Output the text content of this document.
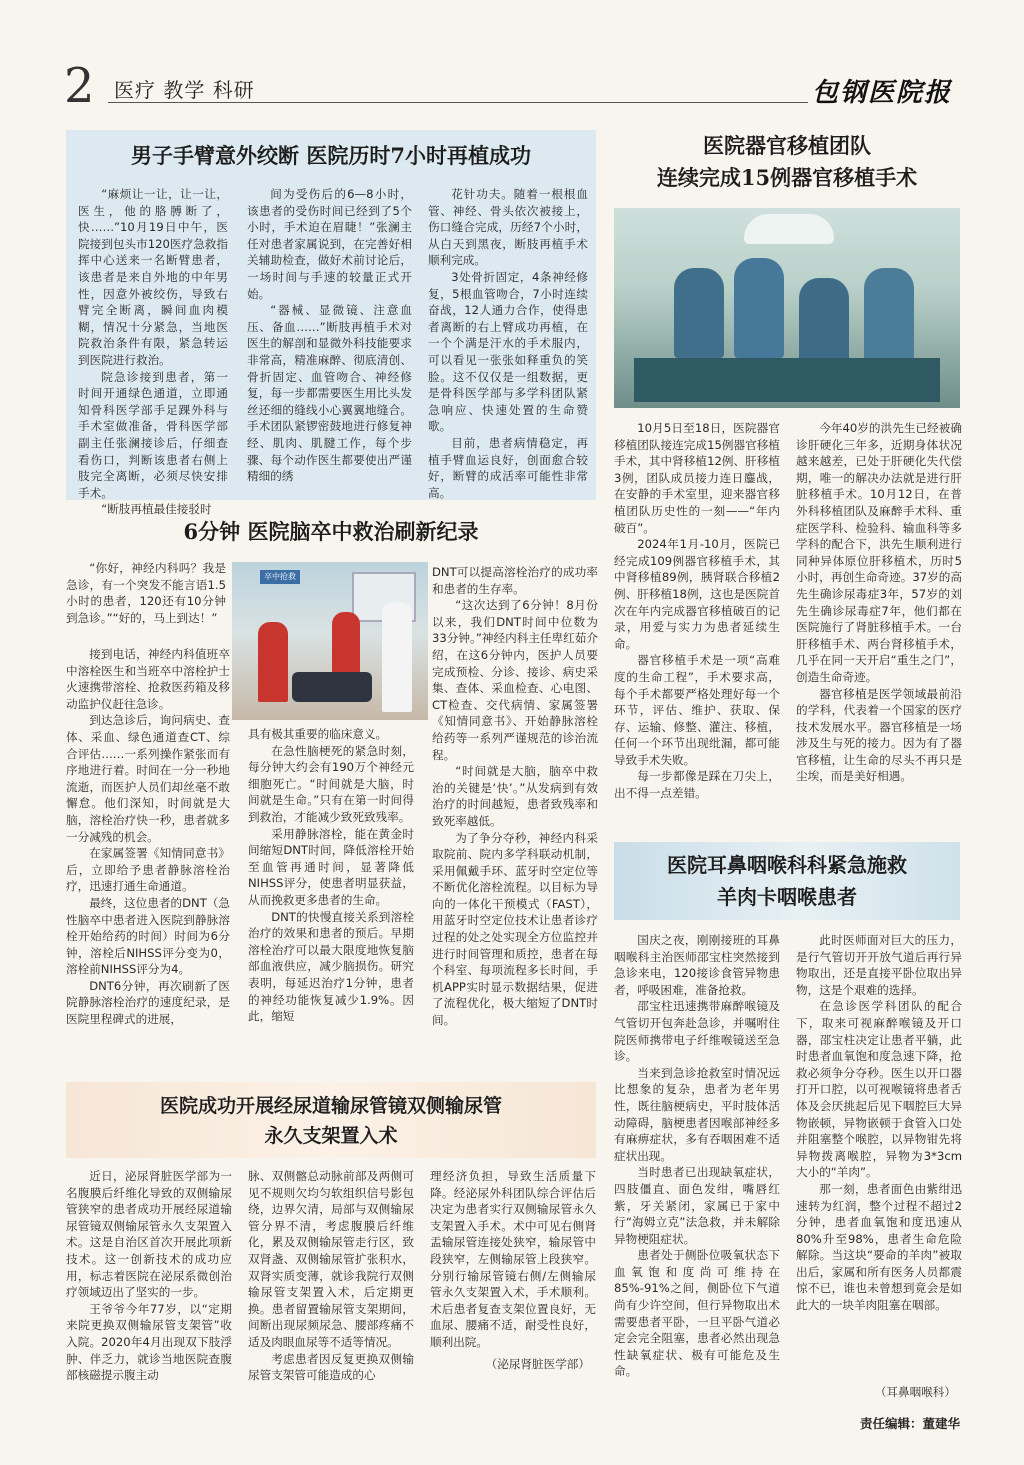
2 医疗 教学 科研	包钢医院报
男子手臂意外绞断 医院历时7小时再植成功

“麻烦让一让，让一让，医生，他的胳膊断了，快……”10月19日中午，医院接到包头市120医疗急救指挥中心送来一名断臂患者，该患者是来自外地的中年男性，因意外被绞伤，导致右臂完全断离，瞬间血肉模糊，情况十分紧急，当地医院救治条件有限，紧急转运到医院进行救治。

院急诊接到患者，第一时间开通绿色通道，立即通知骨科医学部手足踝外科与手术室做准备，骨科医学部副主任张澜接诊后，仔细查看伤口，判断该患者右侧上肢完全离断，必须尽快安排手术。

“断肢再植最佳接驳时

间为受伤后的6—8小时，该患者的受伤时间已经到了5个小时，手术迫在眉睫！”张澜主任对患者家属说到，在完善好相关辅助检查，做好术前讨论后，一场时间与手速的较量正式开始。

“器械、显微镜、注意血压、备血……”断肢再植手术对医生的解剖和显微外科技能要求非常高，精准麻醉、彻底清创、骨折固定、血管吻合、神经修复，每一步都需要医生用比头发丝还细的缝线小心翼翼地缝合。手术团队紧锣密鼓地进行修复神经、肌肉、肌腱工作，每个步骤、每个动作医生都要使出严谨精细的绣

花针功夫。随着一根根血管、神经、骨头依次被接上，伤口缝合完成，历经7个小时，从白天到黑夜，断肢再植手术顺利完成。

3处骨折固定，4条神经修复，5根血管吻合，7小时连续奋战，12人通力合作，使得患者离断的右上臂成功再植，在一个个满是汗水的手术服内，可以看见一张张如释重负的笑脸。这不仅仅是一组数据，更是骨科医学部与多学科团队紧急响应、快速处置的生命赞歌。

目前，患者病情稳定，再植手臂血运良好，创面愈合较好，断臂的成活率可能性非常高。

6分钟 医院脑卒中救治刷新纪录

“你好，神经内科吗？我是急诊，有一个突发不能言语1.5小时的患者，120还有10分钟到急诊。”“好的，马上到达！”

卒中抢救

接到电话，神经内科值班卒中溶栓医生和当班卒中溶栓护士火速携带溶栓、抢救医药箱及移动监护仪赶往急诊。

到达急诊后，询问病史、查体、采血、绿色通道查CT、综合评估……一系列操作紧张而有序地进行着。时间在一分一秒地流逝，而医护人员们却丝毫不敢懈怠。他们深知，时间就是大脑，溶栓治疗快一秒，患者就多一分减残的机会。

在家属签署《知情同意书》后，立即给予患者静脉溶栓治疗，迅速打通生命通道。

最终，这位患者的DNT（急性脑卒中患者进入医院到静脉溶栓开始给药的时间）时间为6分钟，溶栓后NIHSS评分变为0，溶栓前NIHSS评分为4。

DNT6分钟，再次刷新了医院静脉溶栓治疗的速度纪录，是医院里程碑式的进展，

具有极其重要的临床意义。

在急性脑梗死的紧急时刻，每分钟大约会有190万个神经元细胞死亡。“时间就是大脑，时间就是生命。”只有在第一时间得到救治，才能减少致死致残率。

采用静脉溶栓，能在黄金时间缩短DNT时间，降低溶栓开始至血管再通时间，显著降低NIHSS评分，使患者明显获益，从而挽救更多患者的生命。

DNT的快慢直接关系到溶栓治疗的效果和患者的预后。早期溶栓治疗可以最大限度地恢复脑部血液供应，减少脑损伤。研究表明，每延迟治疗1分钟，患者的神经功能恢复减少1.9%。因此，缩短

DNT可以提高溶栓治疗的成功率和患者的生存率。

“这次达到了6分钟！8月份以来，我们DNT时间中位数为33分钟。”神经内科主任卑红茹介绍，在这6分钟内，医护人员要完成预检、分诊、接诊、病史采集、查体、采血检查、心电图、CT检查、交代病情、家属签署《知情同意书》、开始静脉溶栓给药等一系列严谨规范的诊治流程。

“时间就是大脑，脑卒中救治的关键是‘快’。”从发病到有效治疗的时间越短，患者致残率和致死率越低。

为了争分夺秒，神经内科采取院前、院内多学科联动机制，采用佩戴手环、蓝牙时空定位等不断优化溶栓流程。以目标为导向的一体化干预模式（FAST），用蓝牙时空定位技术让患者诊疗过程的处之处实现全方位监控并进行时间管理和质控，患者在每个科室、每项流程多长时间，手机APP实时显示数据结果，促进了流程优化，极大缩短了DNT时间。

医院成功开展经尿道输尿管镜双侧输尿管
永久支架置入术

近日，泌尿肾脏医学部为一名腹膜后纤维化导致的双侧输尿管狭窄的患者成功开展经尿道输尿管镜双侧输尿管永久支架置入术。这是自治区首次开展此项新技术。这一创新技术的成功应用，标志着医院在泌尿系微创治疗领域迈出了坚实的一步。

王爷爷今年77岁，以“定期来院更换双侧输尿管支架管”收入院。2020年4月出现双下肢浮肿、伴乏力，就诊当地医院查腹部核磁提示腹主动

脉、双侧髂总动脉前部及两侧可见不规则欠均匀软组织信号影包绕，边界欠清，局部与双侧输尿管分界不清，考虑腹膜后纤维化，累及双侧输尿管走行区，致双肾盏、双侧输尿管扩张积水，双肾实质变薄，就诊我院行双侧输尿管支架置入术，后定期更换。患者留置输尿管支架期间，间断出现尿频尿急、腰部疼痛不适及肉眼血尿等不适等情况。

考虑患者因反复更换双侧输尿管支架管可能造成的心

理经济负担，导致生活质量下降。经泌尿外科团队综合评估后决定为患者实行双侧输尿管永久支架置入手术。术中可见右侧肾盂输尿管连接处狭窄，输尿管中段狭窄，左侧输尿管上段狭窄。分别行输尿管镜右侧/左侧输尿管永久支架置入术，手术顺利。术后患者复查支架位置良好，无血尿、腰痛不适，耐受性良好，顺利出院。

（泌尿肾脏医学部）
医院器官移植团队
连续完成15例器官移植手术

10月5日至18日，医院器官移植团队接连完成15例器官移植手术，其中肾移植12例、肝移植3例，团队成员接力连日鏖战，在安静的手术室里，迎来器官移植团队历史性的一刻——“年内破百”。

2024年1月-10月，医院已经完成109例器官移植手术，其中肾移植89例，胰肾联合移植2例、肝移植18例，这也是医院首次在年内完成器官移植破百的记录，用爱与实力为患者延续生命。

器官移植手术是一项“高难度的生命工程”，手术要求高，每个手术都要严格处理好每一个环节，评估、维护、获取、保存、运输、修整、灌注、移植，任何一个环节出现纰漏，都可能导致手术失败。

每一步都像是踩在刀尖上，出不得一点差错。

今年40岁的洪先生已经被确诊肝硬化三年多，近期身体状况越来越差，已处于肝硬化失代偿期，唯一的解决办法就是进行肝脏移植手术。10月12日，在普外科移植团队及麻醉手术科、重症医学科、检验科、输血科等多学科的配合下，洪先生顺利进行同种异体原位肝移植术，历时5小时，再创生命奇迹。37岁的高先生确诊尿毒症3年，57岁的刘先生确诊尿毒症7年，他们都在医院施行了肾脏移植手术。一台肝移植手术、两台肾移植手术，几乎在同一天开启“重生之门”，创造生命奇迹。

器官移植是医学领域最前沿的学科，代表着一个国家的医疗技术发展水平。器官移植是一场涉及生与死的接力。因为有了器官移植，让生命的尽头不再只是尘埃，而是美好相遇。

医院耳鼻咽喉科科紧急施救
羊肉卡咽喉患者

国庆之夜，刚刚接班的耳鼻咽喉科主治医师邵宝柱突然接到急诊来电，120接诊食管异物患者，呼吸困难，准备抢救。

邵宝柱迅速携带麻醉喉镜及气管切开包奔赴急诊，并嘱咐住院医师携带电子纤维喉镜送至急诊。

当来到急诊抢救室时情况远比想象的复杂，患者为老年男性，既往脑梗病史，平时肢体活动障碍，脑梗患者因喉部神经多有麻痹症状，多有吞咽困难不适症状出现。

当时患者已出现缺氧症状，四肢僵直、面色发绀，嘴唇红紫，牙关紧闭，家属已于家中行“海姆立克”法急救，并未解除异物梗阻症状。

患者处于侧卧位吸氧状态下血氧饱和度尚可维持在85%-91%之间，侧卧位下气道尚有少许空间，但行异物取出术需要患者平卧，一旦平卧气道必定会完全阻塞，患者必然出现急性缺氧症状、极有可能危及生命。

此时医师面对巨大的压力，是行气管切开开放气道后再行异物取出，还是直接平卧位取出异物，这是个艰难的选择。

在急诊医学科团队的配合下，取来可视麻醉喉镜及开口器，邵宝柱决定让患者平躺，此时患者血氧饱和度急速下降，抢救必须争分夺秒。医生以开口器打开口腔，以可视喉镜将患者舌体及会厌挑起后见下咽腔巨大异物嵌顿，异物嵌顿于食管入口处并阻塞整个喉腔，以异物钳先将异物拨离喉腔，异物为3*3cm 大小的“羊肉”。

那一刻，患者面色由紫绀迅速转为红润，整个过程不超过2分钟，患者血氧饱和度迅速从80%升至98%，患者生命危险解除。当这块“要命的羊肉”被取出后，家属和所有医务人员都震惊不已，谁也未曾想到竟会是如此大的一块羊肉阻塞在咽部。

（耳鼻咽喉科）
责任编辑：董建华
